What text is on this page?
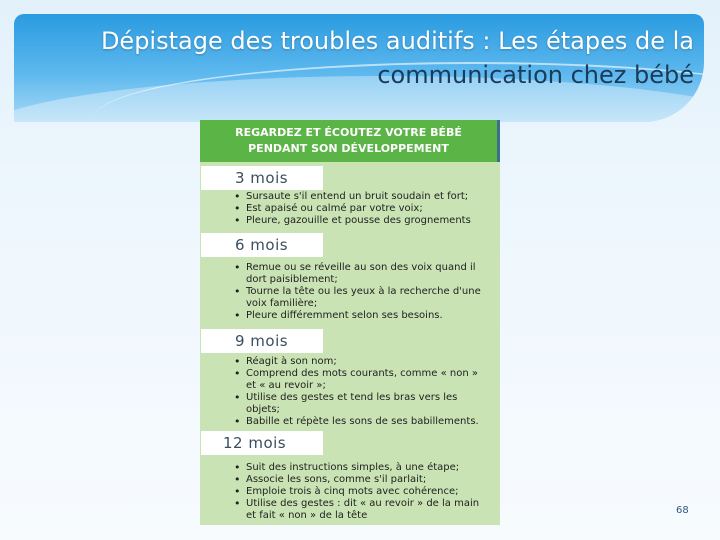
Dépistage des troubles auditifs : Les étapes de la
communication chez bébé
REGARDEZ ET ÉCOUTEZ VOTRE BÉBÉ
PENDANT SON DÉVELOPPEMENT
3 mois
• Sursaute s'il entend un bruit soudain et fort;
• Est apaisé ou calmé par votre voix;
• Pleure, gazouille et pousse des grognements
6 mois
• Remue ou se réveille au son des voix quand il dort paisiblement;
• Tourne la tête ou les yeux à la recherche d'une voix familière;
• Pleure différemment selon ses besoins.
9 mois
• Réagit à son nom;
• Comprend des mots courants, comme « non » et « au revoir »;
• Utilise des gestes et tend les bras vers les objets;
• Babille et répète les sons de ses babillements.
12 mois
• Suit des instructions simples, à une étape;
• Associe les sons, comme s'il parlait;
• Emploie trois à cinq mots avec cohérence;
• Utilise des gestes : dit « au revoir » de la main et fait « non » de la tête	68
